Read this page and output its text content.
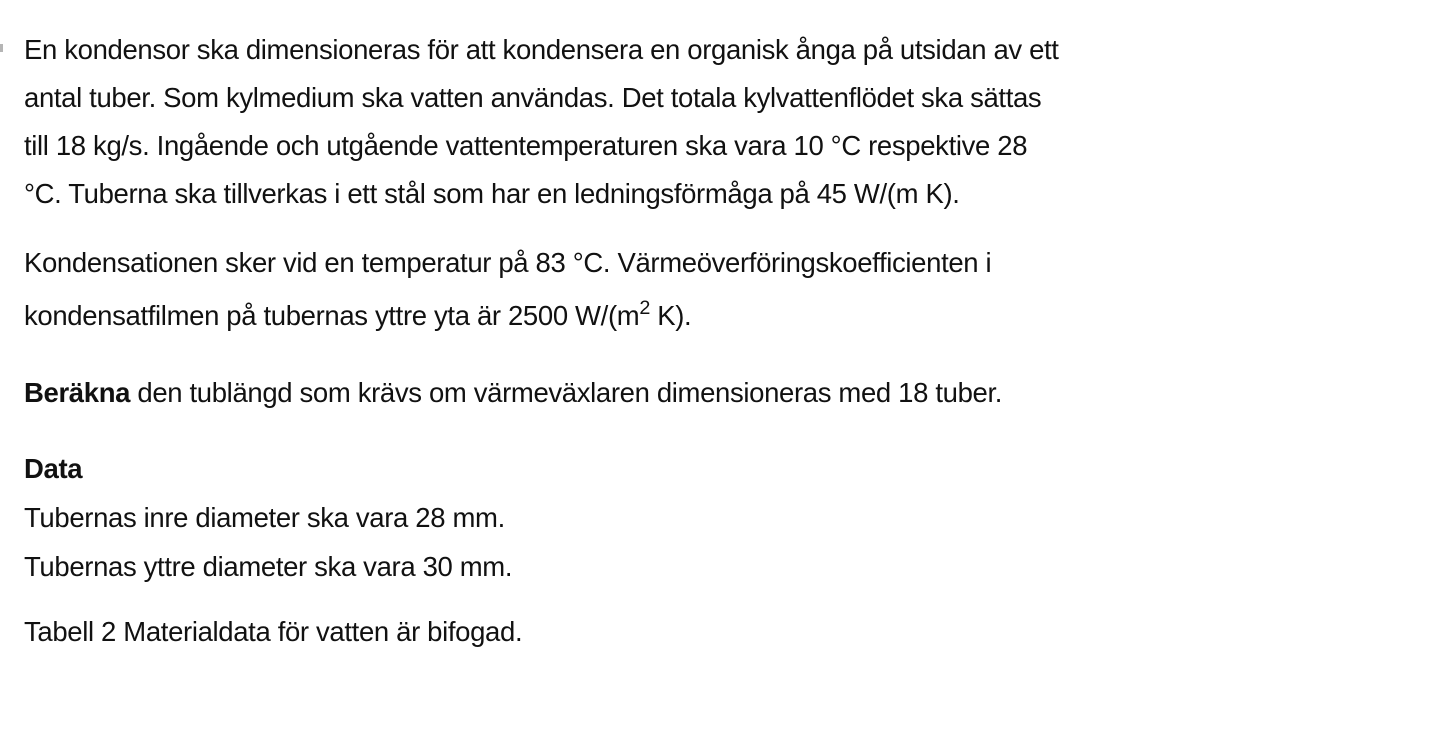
En kondensor ska dimensioneras för att kondensera en organisk ånga på utsidan av ett
antal tuber. Som kylmedium ska vatten användas. Det totala kylvattenflödet ska sättas
till 18 kg/s. Ingående och utgående vattentemperaturen ska vara 10 °C respektive 28
°C. Tuberna ska tillverkas i ett stål som har en ledningsförmåga på 45 W/(m K).
Kondensationen sker vid en temperatur på 83 °C. Värmeöverföringskoefficienten i
kondensatfilmen på tubernas yttre yta är 2500 $W/(m^2$ K).
Beräkna den tublängd som krävs om värmeväxlaren dimensioneras med 18 tuber.
Data
Tubernas inre diameter ska vara 28 mm.
Tubernas yttre diameter ska vara 30 mm.
Tabell 2 Materialdata för vatten är bifogad.
